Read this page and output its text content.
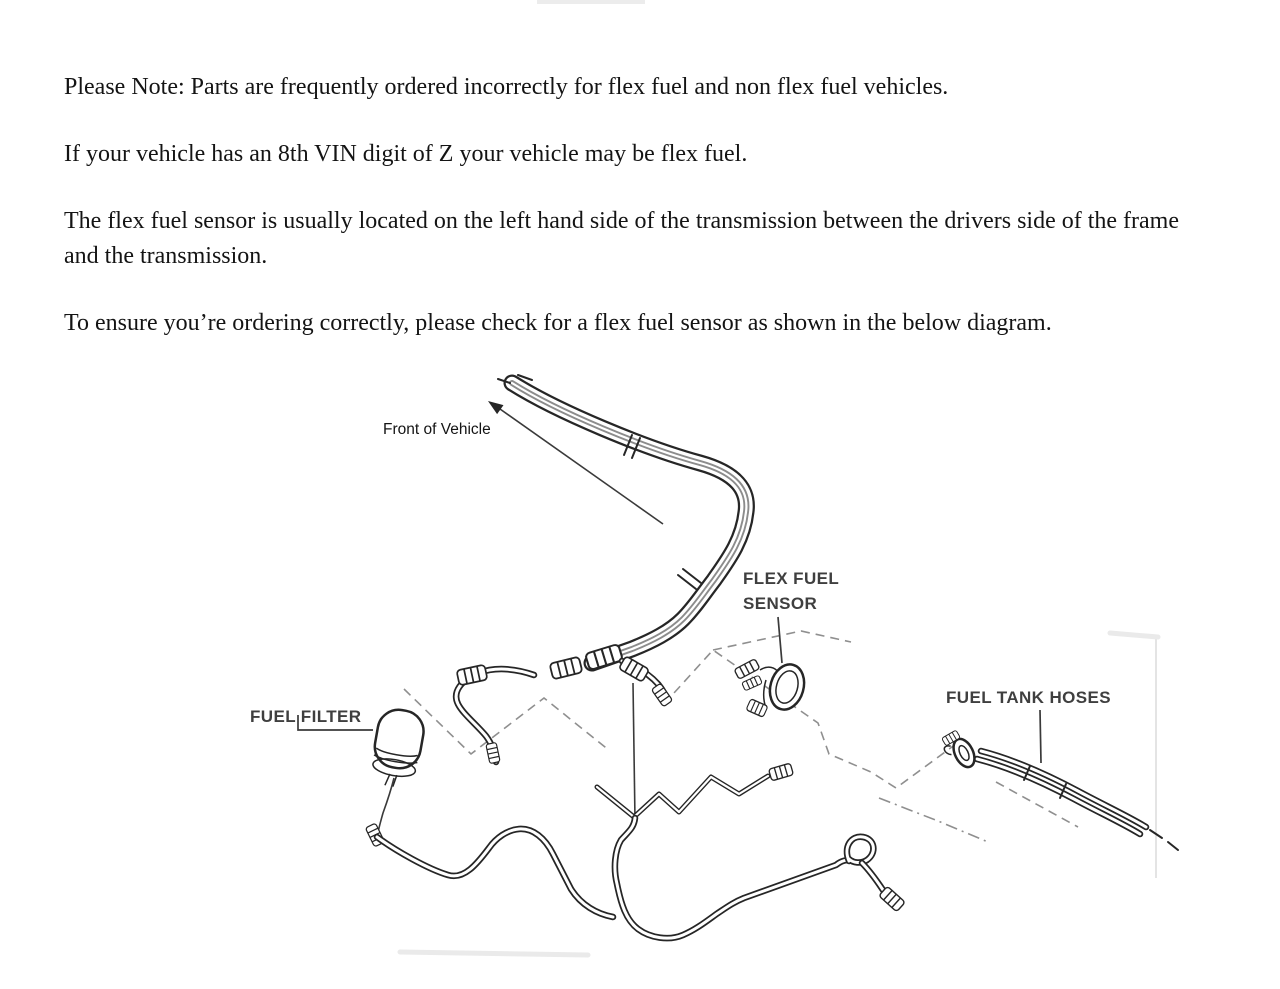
Please Note: Parts are frequently ordered incorrectly for flex fuel and non flex fuel vehicles.

If your vehicle has an 8th VIN digit of Z your vehicle may be flex fuel.

The flex fuel sensor is usually located on the left hand side of the transmission between the drivers side of the frame and the transmission.

To ensure you’re ordering correctly, please check for a flex fuel sensor as shown in the below diagram.

Front of Vehicle
FLEX FUEL
SENSOR
FUEL FILTER
FUEL TANK HOSES
